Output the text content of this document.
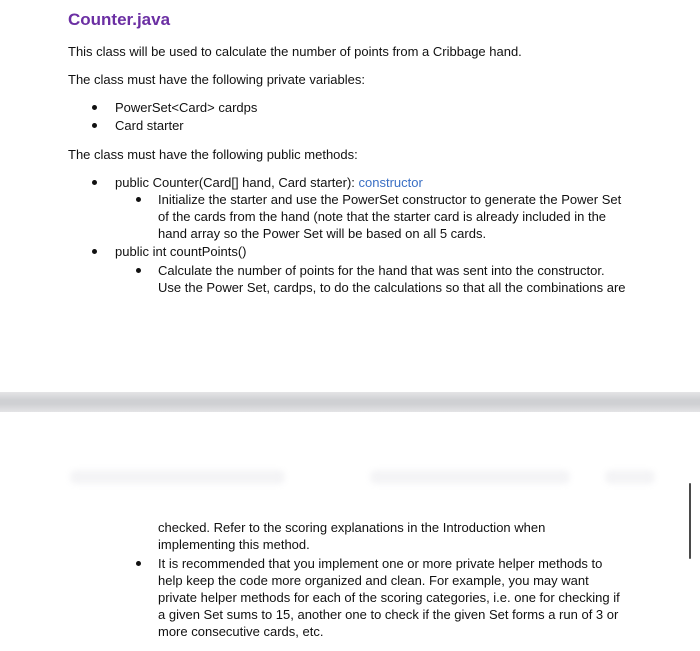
Counter.java
This class will be used to calculate the number of points from a Cribbage hand.
The class must have the following private variables:
PowerSet<Card> cardps
Card starter
The class must have the following public methods:
public Counter(Card[] hand, Card starter): constructor
Initialize the starter and use the PowerSet constructor to generate the Power Set
of the cards from the hand (note that the starter card is already included in the
hand array so the Power Set will be based on all 5 cards.
public int countPoints()
Calculate the number of points for the hand that was sent into the constructor.
Use the Power Set, cardps, to do the calculations so that all the combinations are
checked. Refer to the scoring explanations in the Introduction when
implementing this method.
It is recommended that you implement one or more private helper methods to
help keep the code more organized and clean. For example, you may want
private helper methods for each of the scoring categories, i.e. one for checking if
a given Set sums to 15, another one to check if the given Set forms a run of 3 or
more consecutive cards, etc.
